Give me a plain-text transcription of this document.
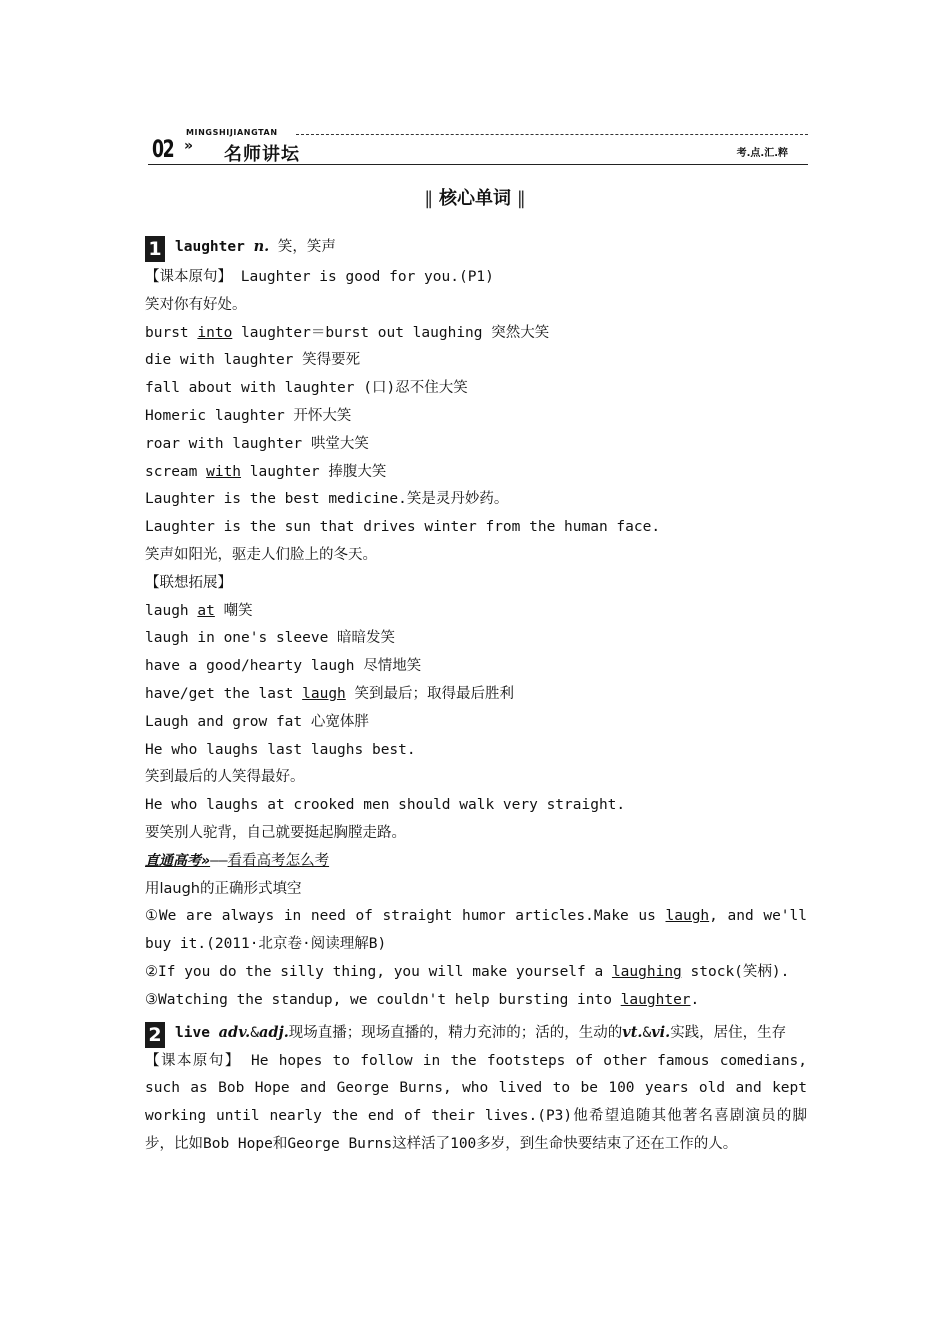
MINGSHIJIANGTAN
02 » 名师讲坛	考.点.汇.粹
‖ 核心单词 ‖
1 laughter n. 笑，笑声
【课本原句】 Laughter is good for you.(P1)
笑对你有好处。
burst into laughter＝burst out laughing 突然大笑
die with laughter 笑得要死
fall about with laughter (口)忍不住大笑
Homeric laughter 开怀大笑
roar with laughter 哄堂大笑
scream with laughter 捧腹大笑
Laughter is the best medicine.笑是灵丹妙药。
Laughter is the sun that drives winter from the human face.
笑声如阳光，驱走人们脸上的冬天。
【联想拓展】
laugh at 嘲笑
laugh in one's sleeve 暗暗发笑
have a good/hearty laugh 尽情地笑
have/get the last laugh 笑到最后；取得最后胜利
Laugh and grow fat 心宽体胖
He who laughs last laughs best.
笑到最后的人笑得最好。
He who laughs at crooked men should walk very straight.
要笑别人驼背，自己就要挺起胸膛走路。
直通高考»——看看高考怎么考
用laugh的正确形式填空
①We are always in need of straight humor articles.Make us laugh, and we'll buy it.(2011·北京卷·阅读理解B)
②If you do the silly thing, you will make yourself a laughing stock(笑柄).
③Watching the standup, we couldn't help bursting into laughter.
2 live adv.&adj.现场直播；现场直播的，精力充沛的；活的，生动的vt.&vi.实践，居住，生存
【课本原句】 He hopes to follow in the footsteps of other famous comedians, such as Bob Hope and George Burns, who lived to be 100 years old and kept working until nearly the end of their lives.(P3)他希望追随其他著名喜剧演员的脚步，比如Bob Hope和George Burns这样活了100多岁，到生命快要结束了还在工作的人。
